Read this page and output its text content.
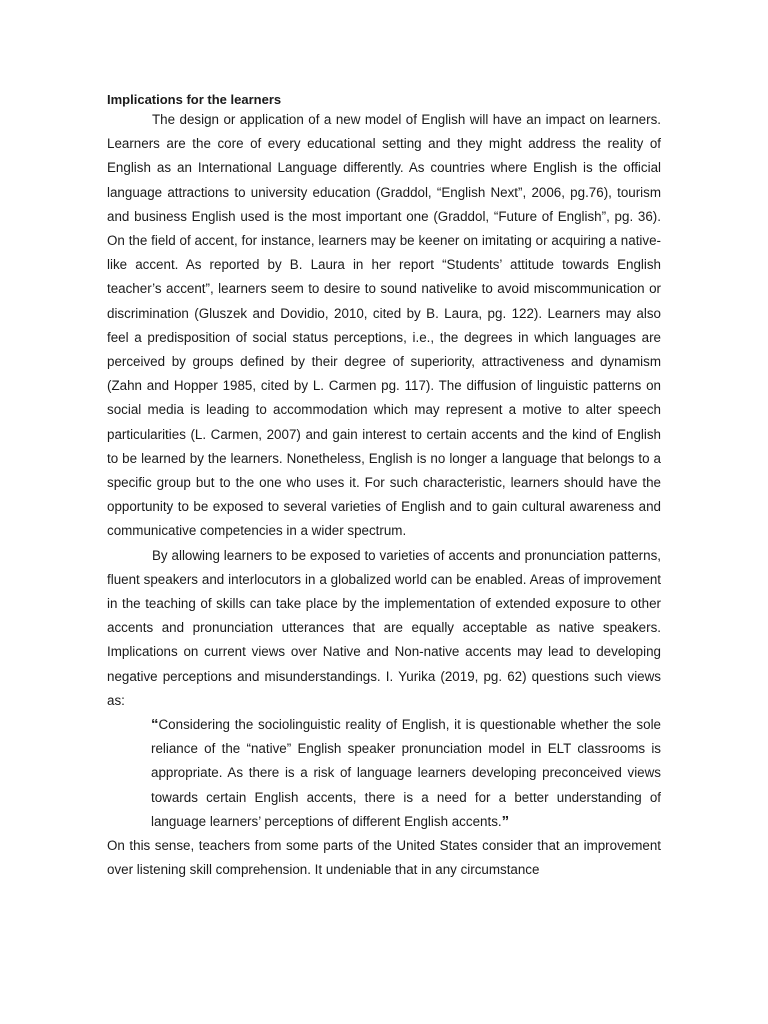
Implications for the learners

The design or application of a new model of English will have an impact on learners. Learners are the core of every educational setting and they might address the reality of English as an International Language differently. As countries where English is the official language attractions to university education (Graddol, “English Next”, 2006, pg.76), tourism and business English used is the most important one (Graddol, “Future of English”, pg. 36). On the field of accent, for instance, learners may be keener on imitating or acquiring a native-like accent. As reported by B. Laura in her report “Students’ attitude towards English teacher’s accent”, learners seem to desire to sound nativelike to avoid miscommunication or discrimination (Gluszek and Dovidio, 2010, cited by B. Laura, pg. 122). Learners may also feel a predisposition of social status perceptions, i.e., the degrees in which languages are perceived by groups defined by their degree of superiority, attractiveness and dynamism (Zahn and Hopper 1985, cited by L. Carmen pg. 117). The diffusion of linguistic patterns on social media is leading to accommodation which may represent a motive to alter speech particularities (L. Carmen, 2007) and gain interest to certain accents and the kind of English to be learned by the learners. Nonetheless, English is no longer a language that belongs to a specific group but to the one who uses it. For such characteristic, learners should have the opportunity to be exposed to several varieties of English and to gain cultural awareness and communicative competencies in a wider spectrum.

By allowing learners to be exposed to varieties of accents and pronunciation patterns, fluent speakers and interlocutors in a globalized world can be enabled. Areas of improvement in the teaching of skills can take place by the implementation of extended exposure to other accents and pronunciation utterances that are equally acceptable as native speakers. Implications on current views over Native and Non-native accents may lead to developing negative perceptions and misunderstandings. I. Yurika (2019, pg. 62) questions such views as:

“Considering the sociolinguistic reality of English, it is questionable whether the sole reliance of the “native” English speaker pronunciation model in ELT classrooms is appropriate. As there is a risk of language learners developing preconceived views towards certain English accents, there is a need for a better understanding of language learners’ perceptions of different English accents.”

On this sense, teachers from some parts of the United States consider that an improvement over listening skill comprehension. It undeniable that in any circumstance
